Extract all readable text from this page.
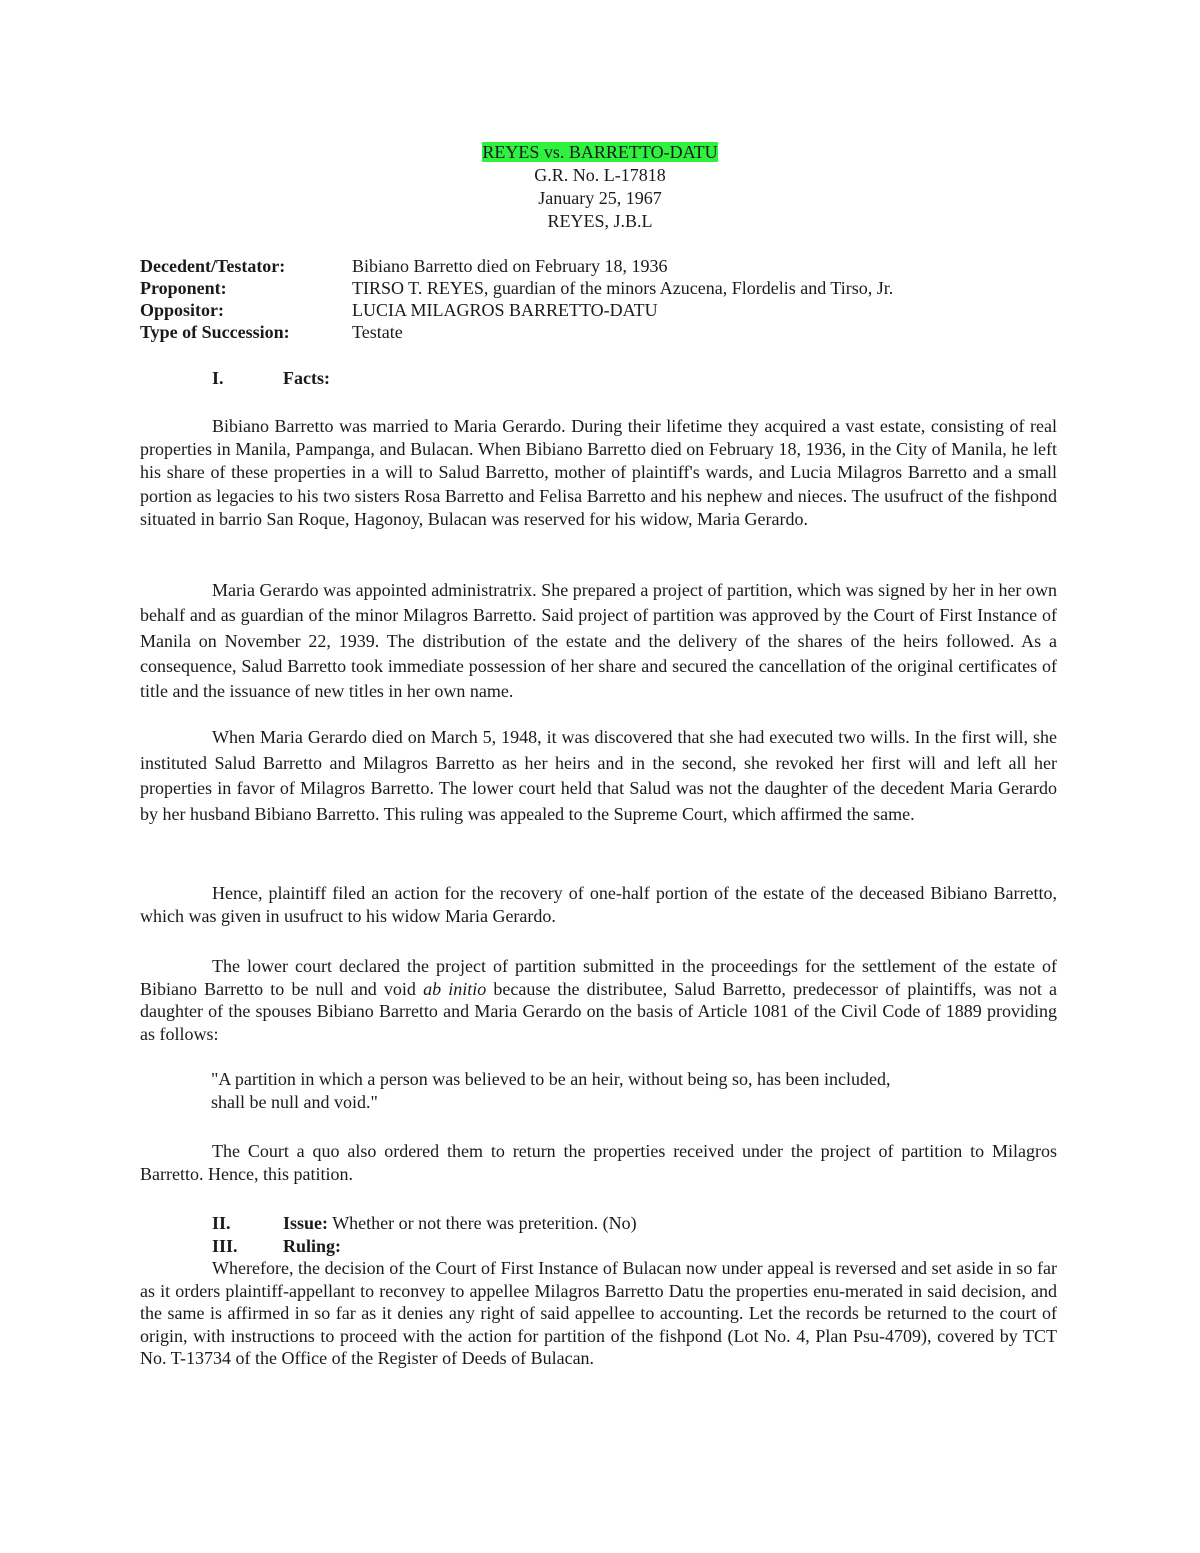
REYES vs. BARRETTO-DATU
G.R. No. L-17818
January 25, 1967
REYES, J.B.L
Decedent/Testator:	Bibiano Barretto died on February 18, 1936
Proponent:	TIRSO T. REYES, guardian of the minors Azucena, Flordelis and Tirso, Jr.
Oppositor:	LUCIA MILAGROS BARRETTO-DATU
Type of Succession:	Testate
I.	Facts:
Bibiano Barretto was married to Maria Gerardo. During their lifetime they acquired a vast estate, consisting of real properties in Manila, Pampanga, and Bulacan. When Bibiano Barretto died on February 18, 1936, in the City of Manila, he left his share of these properties in a will to Salud Barretto, mother of plaintiff's wards, and Lucia Milagros Barretto and a small portion as legacies to his two sisters Rosa Barretto and Felisa Barretto and his nephew and nieces. The usufruct of the fishpond situated in barrio San Roque, Hagonoy, Bulacan was reserved for his widow, Maria Gerardo.
Maria Gerardo was appointed administratrix. She prepared a project of partition, which was signed by her in her own behalf and as guardian of the minor Milagros Barretto. Said project of partition was approved by the Court of First Instance of Manila on November 22, 1939. The distribution of the estate and the delivery of the shares of the heirs followed. As a consequence, Salud Barretto took immediate possession of her share and secured the cancellation of the original certificates of title and the issuance of new titles in her own name.
When Maria Gerardo died on March 5, 1948, it was discovered that she had executed two wills. In the first will, she instituted Salud Barretto and Milagros Barretto as her heirs and in the second, she revoked her first will and left all her properties in favor of Milagros Barretto. The lower court held that Salud was not the daughter of the decedent Maria Gerardo by her husband Bibiano Barretto. This ruling was appealed to the Supreme Court, which affirmed the same.
Hence, plaintiff filed an action for the recovery of one-half portion of the estate of the deceased Bibiano Barretto, which was given in usufruct to his widow Maria Gerardo.
The lower court declared the project of partition submitted in the proceedings for the settlement of the estate of Bibiano Barretto to be null and void ab initio because the distributee, Salud Barretto, predecessor of plaintiffs, was not a daughter of the spouses Bibiano Barretto and Maria Gerardo on the basis of Article 1081 of the Civil Code of 1889 providing as follows:
"A partition in which a person was believed to be an heir, without being so, has been included,
shall be null and void."
The Court a quo also ordered them to return the properties received under the project of partition to Milagros Barretto. Hence, this patition.
II.	Issue: Whether or not there was preterition. (No)
III.	Ruling:
Wherefore, the decision of the Court of First Instance of Bulacan now under appeal is reversed and set aside in so far as it orders plaintiff-appellant to reconvey to appellee Milagros Barretto Datu the properties enu-merated in said decision, and the same is affirmed in so far as it denies any right of said appellee to accounting. Let the records be returned to the court of origin, with instructions to proceed with the action for partition of the fishpond (Lot No. 4, Plan Psu-4709), covered by TCT No. T-13734 of the Office of the Register of Deeds of Bulacan.
